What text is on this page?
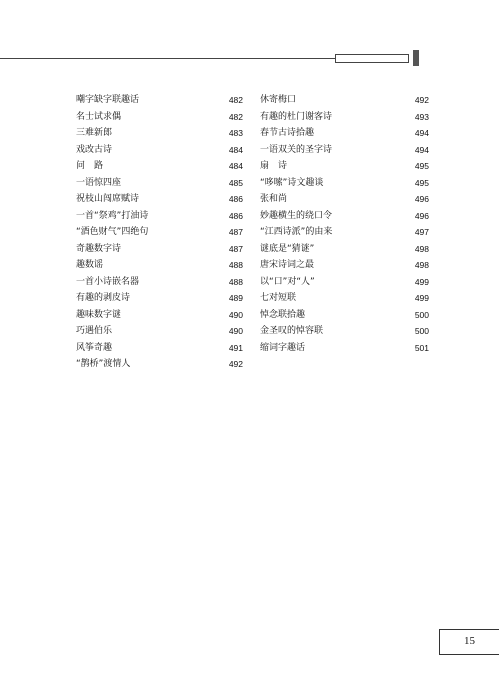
嘲字缺字联趣话	482
名士试求偶	482
三难新郎	483
戏改古诗	484
问　路	484
一语惊四座	485
祝枝山闯席赋诗	486
一首“祭鸡”打油诗	486
“酒色财气”四绝句	487
奇趣数字诗	487
趣数谣	488
一首小诗嵌名器	488
有趣的剥皮诗	489
趣味数字谜	490
巧遇伯乐	490
风筝奇趣	491
“鹊桥”渡情人	492
休寄梅口	492
有趣的杜门谢客诗	493
春节古诗拾趣	494
一语双关的圣字诗	494
扇　诗	495
“哆嗦”诗文趣谈	495
张和尚	496
妙趣横生的绕口令	496
“江西诗派”的由来	497
谜底是“猜谜”	498
唐宋诗词之最	498
以“口”对“人”	499
七对短联	499
悼念联拾趣	500
金圣叹的悼容联	500
缩词字趣话	501
15
